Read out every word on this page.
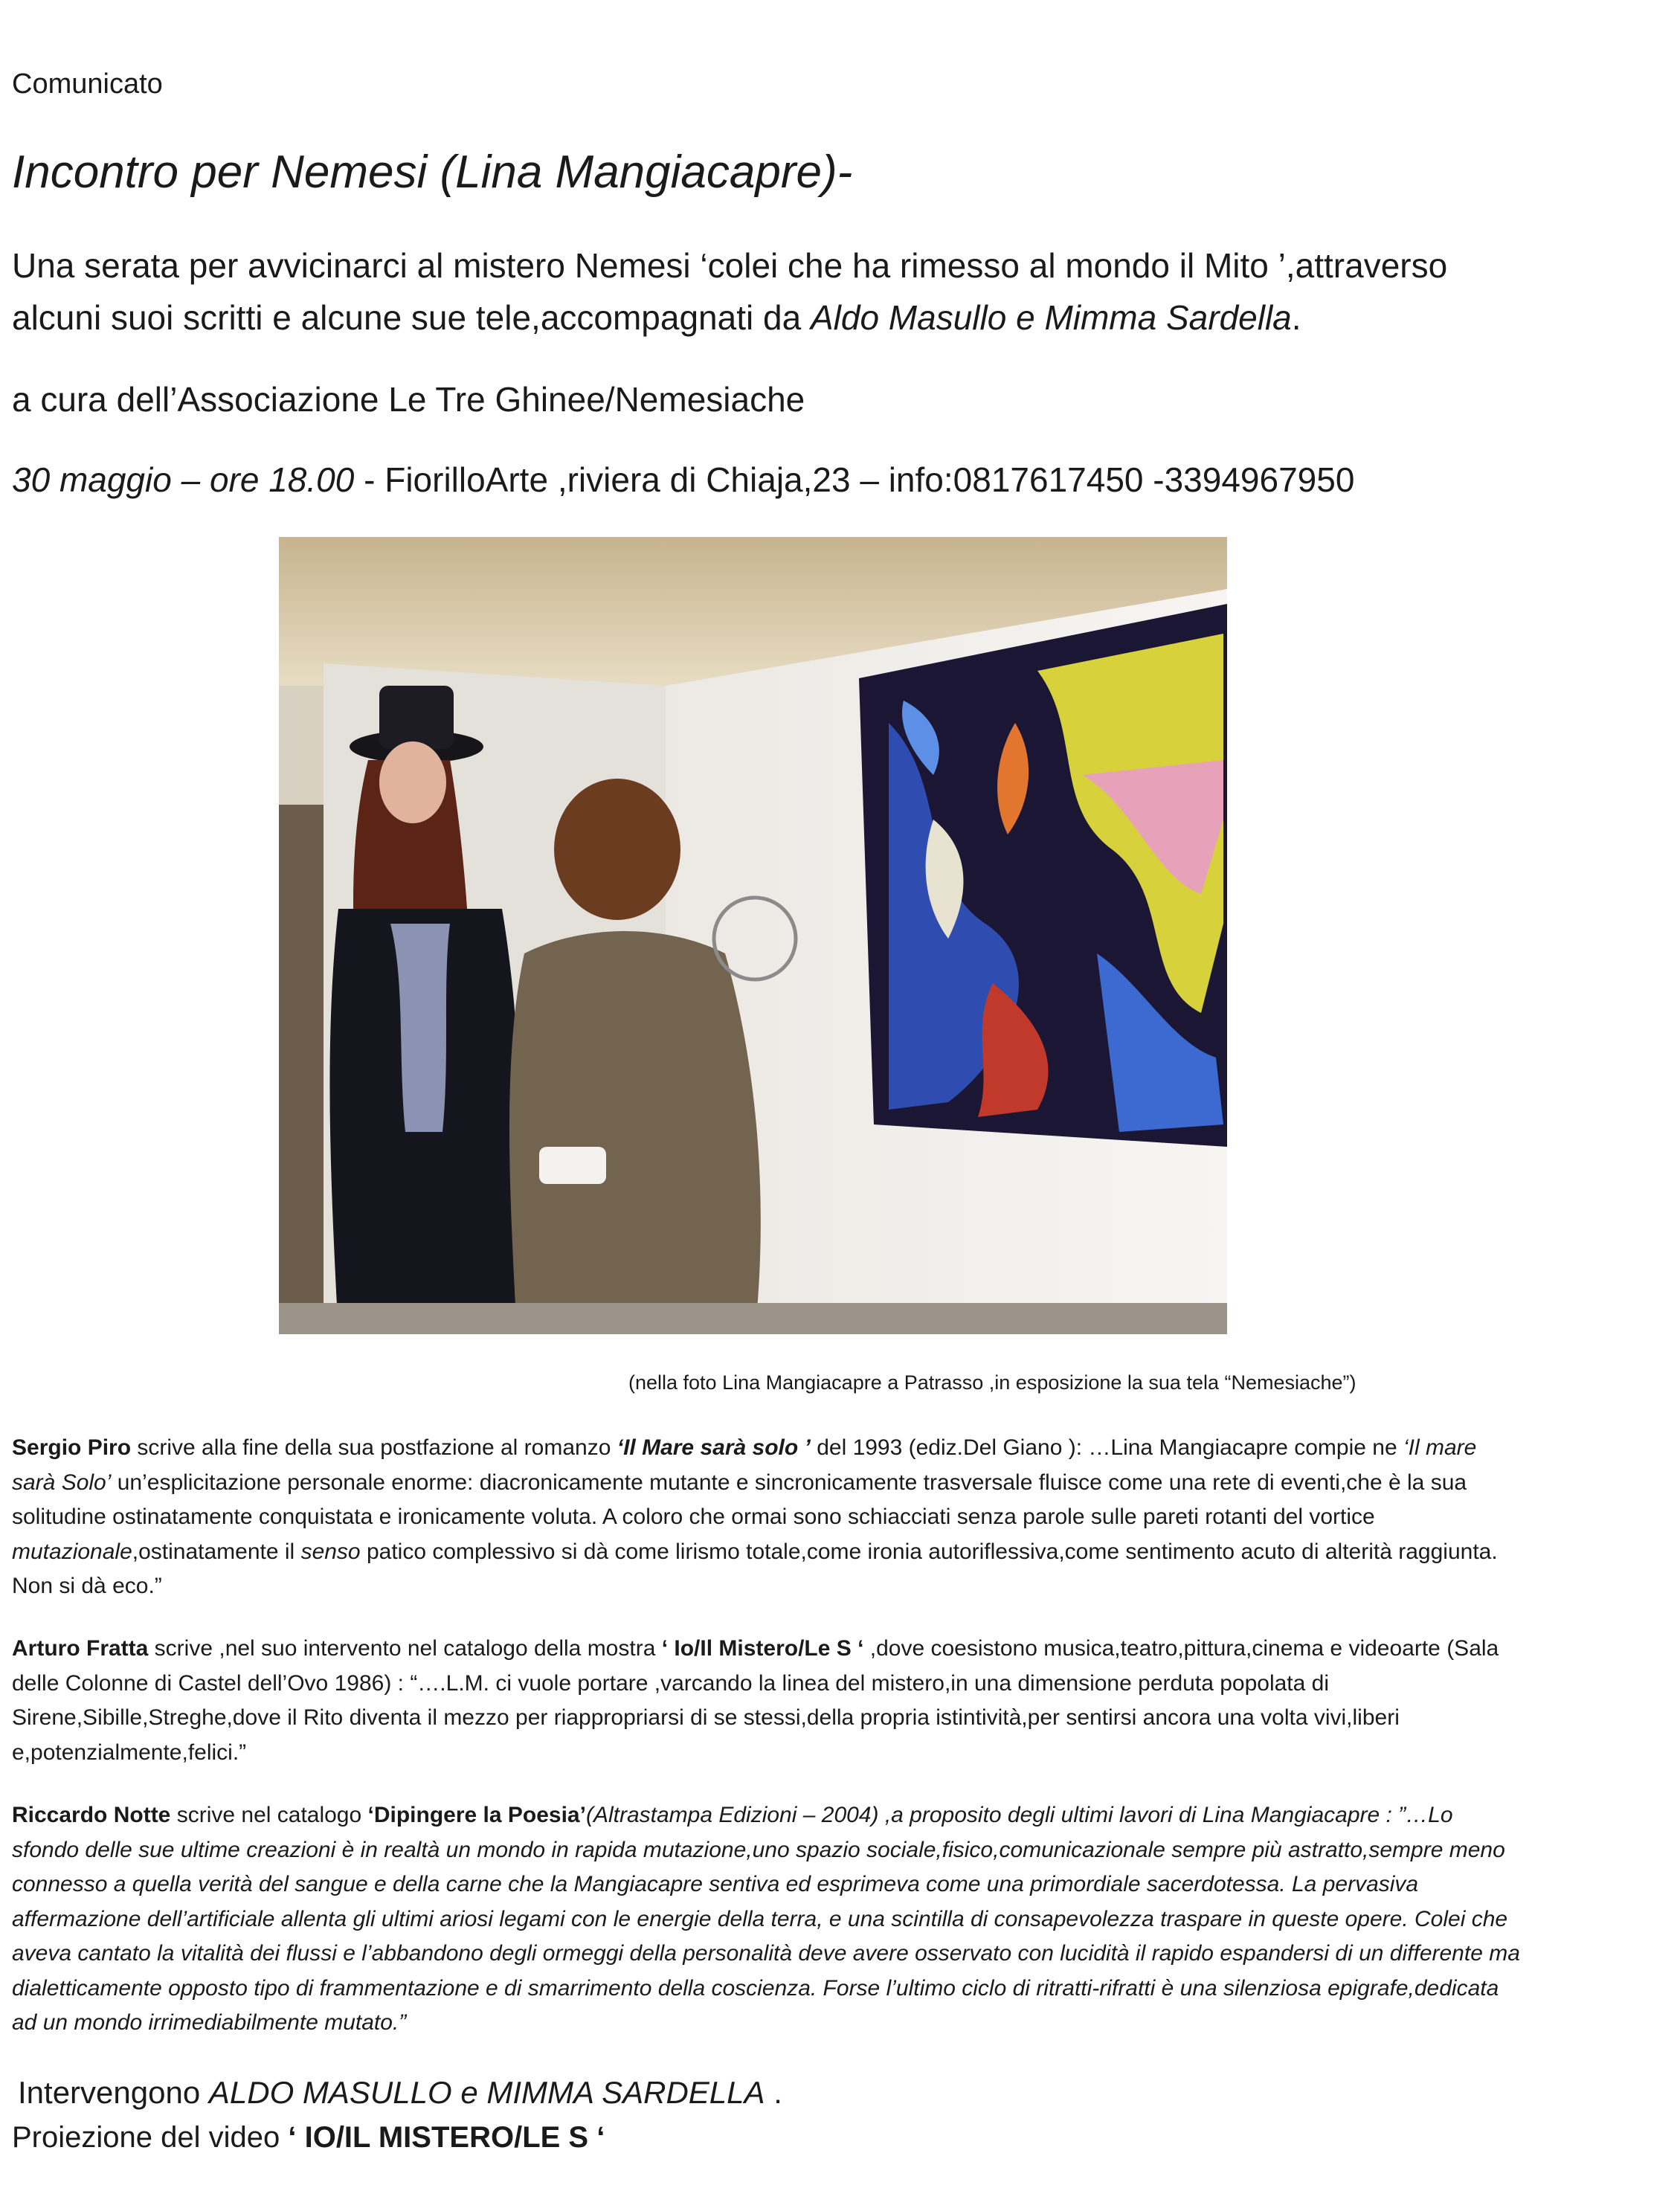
Comunicato
Incontro per Nemesi (Lina Mangiacapre)-
Una serata per avvicinarci al mistero Nemesi ‘colei che ha rimesso al mondo il Mito ’,attraverso
alcuni suoi scritti e alcune sue tele,accompagnati da Aldo Masullo e Mimma Sardella.
a cura dell’Associazione Le Tre Ghinee/Nemesiache
30 maggio – ore 18.00 - FiorilloArte ,riviera di Chiaja,23 – info:0817617450 -3394967950
(nella foto Lina Mangiacapre a Patrasso ,in esposizione la sua tela “Nemesiache”)
Sergio Piro scrive alla fine della sua postfazione al romanzo ‘Il Mare sarà solo ’ del 1993 (ediz.Del Giano ): …Lina Mangiacapre compie ne ‘Il mare sarà Solo’ un’esplicitazione personale enorme: diacronicamente mutante e sincronicamente trasversale fluisce come una rete di eventi,che è la sua solitudine ostinatamente conquistata e ironicamente voluta. A coloro che ormai sono schiacciati senza parole sulle pareti rotanti del vortice mutazionale,ostinatamente il senso patico complessivo si dà come lirismo totale,come ironia autoriflessiva,come sentimento acuto di alterità raggiunta. Non si dà eco.”
Arturo Fratta scrive ,nel suo intervento nel catalogo della mostra ‘ Io/Il Mistero/Le S ‘ ,dove coesistono musica,teatro,pittura,cinema e videoarte (Sala delle Colonne di Castel dell’Ovo 1986) : “….L.M. ci vuole portare ,varcando la linea del mistero,in una dimensione perduta popolata di Sirene,Sibille,Streghe,dove il Rito diventa il mezzo per riappropriarsi di se stessi,della propria istintività,per sentirsi ancora una volta vivi,liberi e,potenzialmente,felici.”
Riccardo Notte scrive nel catalogo ‘Dipingere la Poesia’(Altrastampa Edizioni – 2004) ,a proposito degli ultimi lavori di Lina Mangiacapre : ”…Lo sfondo delle sue ultime creazioni è in realtà un mondo in rapida mutazione,uno spazio sociale,fisico,comunicazionale sempre più astratto,sempre meno connesso a quella verità del sangue e della carne che la Mangiacapre sentiva ed esprimeva come una primordiale sacerdotessa. La pervasiva affermazione dell’artificiale allenta gli ultimi ariosi legami con le energie della terra, e una scintilla di consapevolezza traspare in queste opere. Colei che aveva cantato la vitalità dei flussi e l’abbandono degli ormeggi della personalità deve avere osservato con lucidità il rapido espandersi di un differente ma dialetticamente opposto tipo di frammentazione e di smarrimento della coscienza. Forse l’ultimo ciclo di ritratti-rifratti è una silenziosa epigrafe,dedicata ad un mondo irrimediabilmente mutato.”
Intervengono ALDO MASULLO e MIMMA SARDELLA .
Proiezione del video ‘ IO/IL MISTERO/LE S ‘
